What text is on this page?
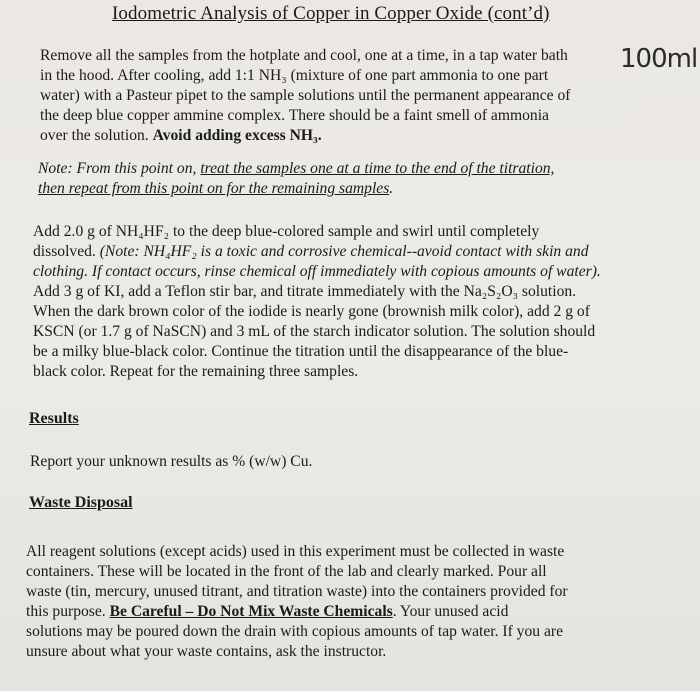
Iodometric Analysis of Copper in Copper Oxide (cont’d)
100ml
Remove all the samples from the hotplate and cool, one at a time, in a tap water bath
in the hood. After cooling, add 1:1 NH₃ (mixture of one part ammonia to one part
water) with a Pasteur pipet to the sample solutions until the permanent appearance of
the deep blue copper ammine complex. There should be a faint smell of ammonia
over the solution. Avoid adding excess NH₃.
Note: From this point on, treat the samples one at a time to the end of the titration,
then repeat from this point on for the remaining samples.
Add 2.0 g of NH₄HF₂ to the deep blue-colored sample and swirl until completely
dissolved. (Note: NH₄HF₂ is a toxic and corrosive chemical--avoid contact with skin and
clothing. If contact occurs, rinse chemical off immediately with copious amounts of water).
Add 3 g of KI, add a Teflon stir bar, and titrate immediately with the Na₂S₂O₃ solution.
When the dark brown color of the iodide is nearly gone (brownish milk color), add 2 g of
KSCN (or 1.7 g of NaSCN) and 3 mL of the starch indicator solution. The solution should
be a milky blue-black color. Continue the titration until the disappearance of the blue-
black color. Repeat for the remaining three samples.
Results
Report your unknown results as % (w/w) Cu.
Waste Disposal
All reagent solutions (except acids) used in this experiment must be collected in waste
containers. These will be located in the front of the lab and clearly marked. Pour all
waste (tin, mercury, unused titrant, and titration waste) into the containers provided for
this purpose. Be Careful – Do Not Mix Waste Chemicals. Your unused acid
solutions may be poured down the drain with copious amounts of tap water. If you are
unsure about what your waste contains, ask the instructor.
